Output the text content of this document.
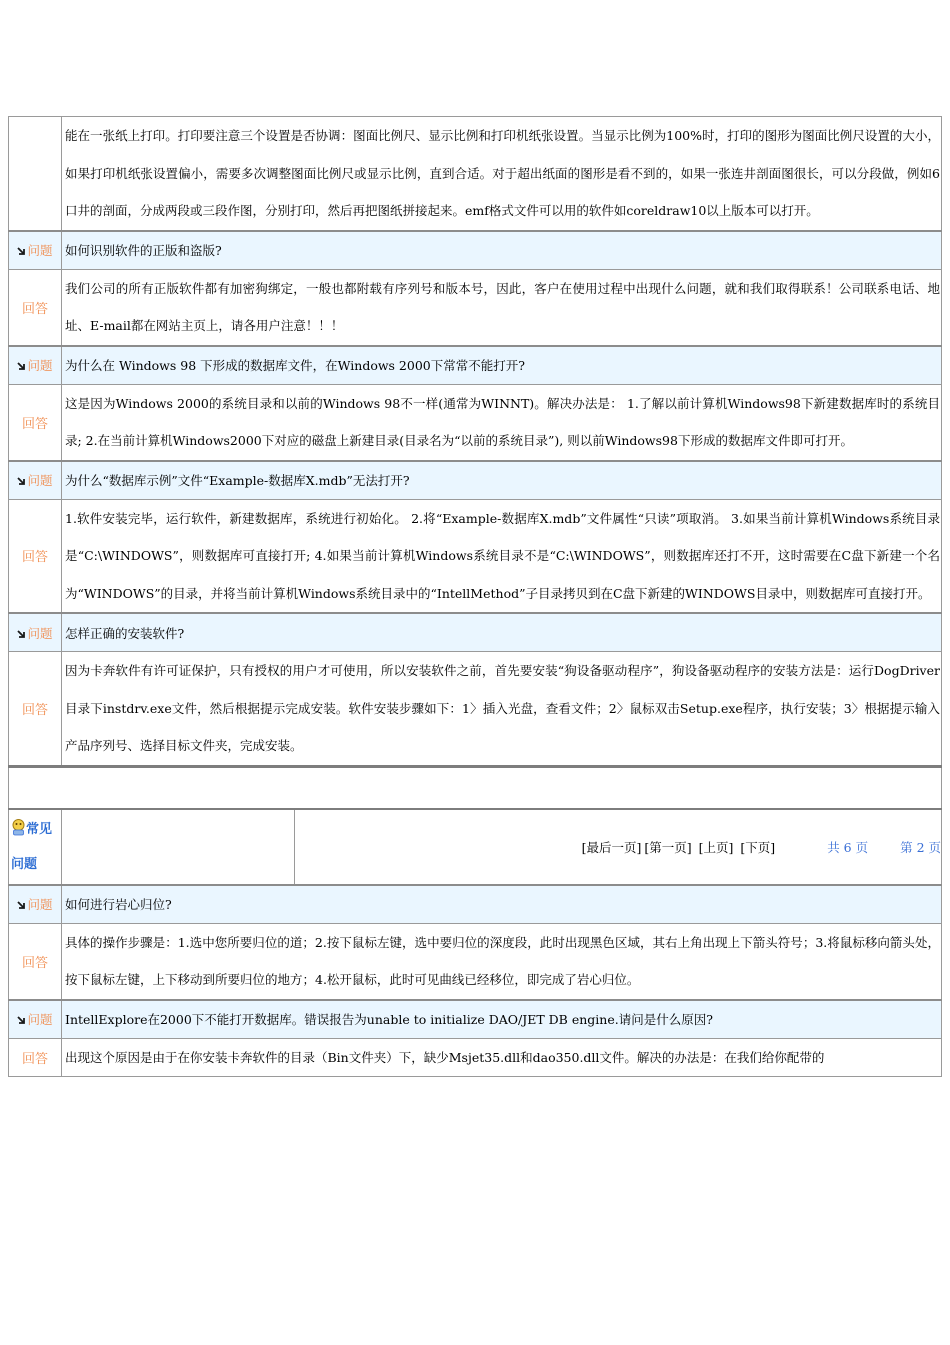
	能在一张纸上打印。打印要注意三个设置是否协调：图面比例尺、显示比例和打印机纸张设置。当显示比例为100%时，打印的图形为图面比例尺设置的大小，如果打印机纸张设置偏小，需要多次调整图面比例尺或显示比例，直到合适。对于超出纸面的图形是看不到的，如果一张连井剖面图很长，可以分段做，例如6口井的剖面，分成两段或三段作图，分别打印，然后再把图纸拼接起来。emf格式文件可以用的软件如coreldraw10以上版本可以打开。	
问题	如何识别软件的正版和盗版?	
回答	我们公司的所有正版软件都有加密狗绑定，一般也都附载有序列号和版本号，因此，客户在使用过程中出现什么问题，就和我们取得联系！公司联系电话、地址、E-mail都在网站主页上，请各用户注意！！！	
问题	为什么在 Windows 98 下形成的数据库文件，在Windows 2000下常常不能打开?	
回答	这是因为Windows 2000的系统目录和以前的Windows 98不一样(通常为WINNT)。解决办法是： 1.了解以前计算机Windows98下新建数据库时的系统目录; 2.在当前计算机Windows2000下对应的磁盘上新建目录(目录名为“以前的系统目录”), 则以前Windows98下形成的数据库文件即可打开。	
问题	为什么“数据库示例”文件“Example-数据库X.mdb”无法打开?	
回答	1.软件安装完毕，运行软件，新建数据库，系统进行初始化。 2.将“Example-数据库X.mdb”文件属性“只读”项取消。 3.如果当前计算机Windows系统目录是“C:\WINDOWS”，则数据库可直接打开; 4.如果当前计算机Windows系统目录不是“C:\WINDOWS”，则数据库还打不开，这时需要在C盘下新建一个名为“WINDOWS”的目录，并将当前计算机Windows系统目录中的“IntellMethod”子目录拷贝到在C盘下新建的WINDOWS目录中，则数据库可直接打开。	
问题	怎样正确的安装软件?	
回答	因为卡奔软件有许可证保护，只有授权的用户才可使用，所以安装软件之前，首先要安装“狗设备驱动程序”，狗设备驱动程序的安装方法是：运行DogDriver目录下instdrv.exe文件，然后根据提示完成安装。软件安装步骤如下：1〉插入光盘，查看文件；2〉鼠标双击Setup.exe程序，执行安装；3〉根据提示输入产品序列号、选择目标文件夹，完成安装。	

常见问题		[最后一页] [第一页] [上页] [下页] 共 6 页 第 2 页
问题	如何进行岩心归位?	
回答	具体的操作步骤是：1.选中您所要归位的道；2.按下鼠标左键，选中要归位的深度段，此时出现黑色区域，其右上角出现上下箭头符号；3.将鼠标移向箭头处，按下鼠标左键，上下移动到所要归位的地方；4.松开鼠标，此时可见曲线已经移位，即完成了岩心归位。	
问题	IntellExplore在2000下不能打开数据库。错误报告为unable to initialize DAO/JET DB engine.请问是什么原因?	
回答	出现这个原因是由于在你安装卡奔软件的目录（Bin文件夹）下，缺少Msjet35.dll和dao350.dll文件。解决的办法是：在我们给你配带的	
